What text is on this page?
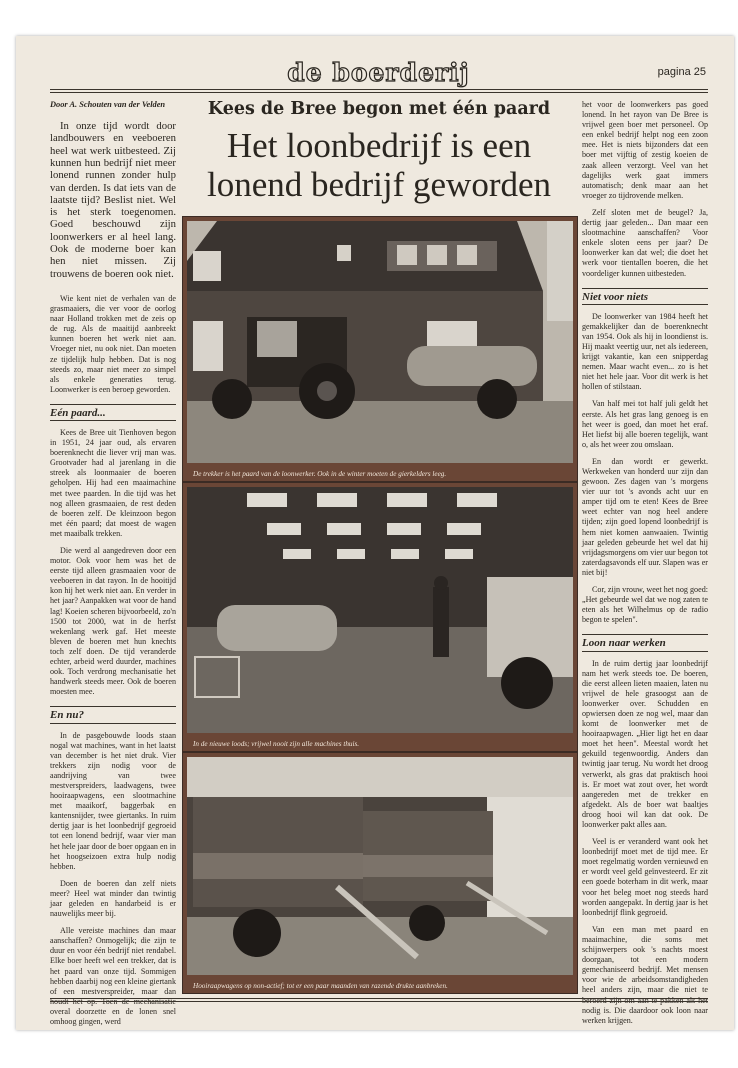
de boerderij	pagina 25
Kees de Bree begon met één paard
Het loonbedrijf is een
lonend bedrijf geworden

Door A. Schouten van der Velden

In onze tijd wordt door landbouwers en veeboeren heel wat werk uitbesteed. Zij kunnen hun bedrijf niet meer lonend runnen zonder hulp van derden. Is dat iets van de laatste tijd? Beslist niet. Wel is het sterk toegenomen. Goed beschouwd zijn loonwerkers er al heel lang. Ook de moderne boer kan hen niet missen. Zij trouwens de boeren ook niet.

Wie kent niet de verhalen van de grasmaaiers, die ver voor de oorlog naar Holland trokken met de zeis op de rug. Als de maaitijd aanbreekt kunnen boeren het werk niet aan. Vroeger niet, nu ook niet. Dan moeten ze tijdelijk hulp hebben. Dat is nog steeds zo, maar niet meer zo simpel als enkele generaties terug. Loonwerker is een beroep geworden.

Eén paard...

Kees de Bree uit Tienhoven begon in 1951, 24 jaar oud, als ervaren boerenknecht die liever vrij man was. Grootvader had al jarenlang in die streek als loonmaaier de boeren geholpen. Hij had een maaimachine met twee paarden. In die tijd was het nog alleen grasmaaien, de rest deden de boeren zelf. De kleinzoon begon met één paard; dat moest de wagen met maaibalk trekken.

Die werd al aangedreven door een motor. Ook voor hem was het de eerste tijd alleen grasmaaien voor de veeboeren in dat rayon. In de hooitijd kon hij het werk niet aan. En verder in het jaar? Aanpakken wat voor de hand lag! Koeien scheren bijvoorbeeld, zo'n 1500 tot 2000, wat in de herfst wekenlang werk gaf. Het meeste bleven de boeren met hun knechts toch zelf doen. De tijd veranderde echter, arbeid werd duurder, machines ook. Toch verdrong mechanisatie het handwerk steeds meer. Ook de boeren moesten mee.

En nu?

In de pasgebouwde loods staan nogal wat machines, want in het laatst van december is het niet druk. Vier trekkers zijn nodig voor de aandrijving van twee mestverspreiders, laadwagens, twee hooiraapwagens, een slootmachine met maaikorf, baggerbak en kantensnijder, twee giertanks. In ruim dertig jaar is het loonbedrijf gegroeid tot een lonend bedrijf, waar vier man het hele jaar door de boer opgaan en in het hoogseizoen extra hulp nodig hebben.

Doen de boeren dan zelf niets meer? Heel wat minder dan twintig jaar geleden en handarbeid is er nauwelijks meer bij.

Alle vereiste machines dan maar aanschaffen? Onmogelijk; die zijn te duur en voor één bedrijf niet rendabel. Elke boer heeft wel een trekker, dat is het paard van onze tijd. Sommigen hebben daarbij nog een kleine giertank of een mestverspreider, maar dan houdt het op. Toen de mechanisatie overal doorzette en de lonen snel omhoog gingen, werd

De trekker is het paard van de loonwerker. Ook in de winter moeten de gierkelders leeg.
In de nieuwe loods; vrijwel nooit zijn alle machines thuis.
Hooiraapwagens op non-actief; tot er een paar maanden van razende drukte aanbreken.

het voor de loonwerkers pas goed lonend. In het rayon van De Bree is vrijwel geen boer met personeel. Op een enkel bedrijf helpt nog een zoon mee. Het is niets bijzonders dat een boer met vijftig of zestig koeien de zaak alleen verzorgt. Veel van het dagelijks werk gaat immers automatisch; denk maar aan het vroeger zo tijdrovende melken.

Zelf sloten met de beugel? Ja, dertig jaar geleden... Dan maar een slootmachine aanschaffen? Voor enkele sloten eens per jaar? De loonwerker kan dat wel; die doet het werk voor tientallen boeren, die het voordeliger kunnen uitbesteden.

Niet voor niets

De loonwerker van 1984 heeft het gemakkelijker dan de boerenknecht van 1954. Ook als hij in loondienst is. Hij maakt veertig uur, net als iedereen, krijgt vakantie, kan een snipperdag nemen. Maar wacht even... zo is het niet het hele jaar. Voor dit werk is het hollen of stilstaan.

Van half mei tot half juli geldt het eerste. Als het gras lang genoeg is en het weer is goed, dan moet het eraf. Het liefst bij alle boeren tegelijk, want o, als het weer zou omslaan.

En dan wordt er gewerkt. Werkweken van honderd uur zijn dan gewoon. Zes dagen van 's morgens vier uur tot 's avonds acht uur en amper tijd om te eten! Kees de Bree weet echter van nog heel andere tijden; zijn goed lopend loonbedrijf is hem niet komen aanwaaien. Twintig jaar geleden gebeurde het wel dat hij vrijdagsmorgens om vier uur begon tot zaterdagsavonds elf uur. Slapen was er niet bij!

Cor, zijn vrouw, weet het nog goed: „Het gebeurde wel dat we nog zaten te eten als het Wilhelmus op de radio begon te spelen".

Loon naar werken

In de ruim dertig jaar loonbedrijf nam het werk steeds toe. De boeren, die eerst alleen lieten maaien, laten nu vrijwel de hele grasoogst aan de loonwerker over. Schudden en opwiersen doen ze nog wel, maar dan komt de loonwerker met de hooiraapwagen. „Hier ligt het en daar moet het heen". Meestal wordt het gekuild tegenwoordig. Anders dan twintig jaar terug. Nu wordt het droog verwerkt, als gras dat praktisch hooi is. Er moet wat zout over, het wordt aangereden met de trekker en afgedekt. Als de boer wat baaltjes droog hooi wil kan dat ook. De loonwerker pakt alles aan.

Veel is er veranderd want ook het loonbedrijf moet met de tijd mee. Er moet regelmatig worden vernieuwd en er wordt veel geld geïnvesteerd. Er zit een goede boterham in dit werk, maar voor het beleg moet nog steeds hard worden aangepakt. In dertig jaar is het loonbedrijf flink gegroeid.

Van een man met paard en maaimachine, die soms met schijnwerpers ook 's nachts moest doorgaan, tot een modern gemechaniseerd bedrijf. Met mensen voor wie de arbeidsomstandigheden heel anders zijn, maar die niet te beroerd zijn om aan te pakken als het nodig is. Die daardoor ook loon naar werken krijgen.
